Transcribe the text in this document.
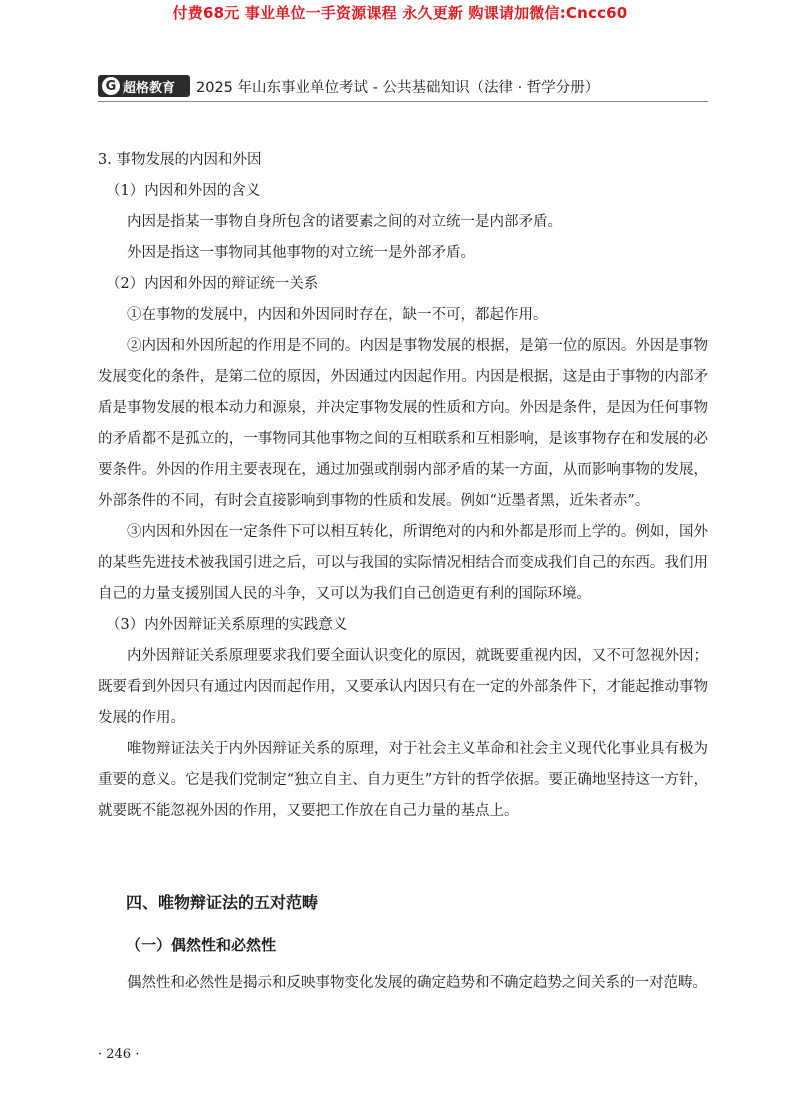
付费68元 事业单位一手资源课程 永久更新 购课请加微信:Cncc60
G 超格教育 2025 年山东事业单位考试 - 公共基础知识（法律 · 哲学分册）

3. 事物发展的内因和外因

（1）内因和外因的含义

内因是指某一事物自身所包含的诸要素之间的对立统一是内部矛盾。

外因是指这一事物同其他事物的对立统一是外部矛盾。

（2）内因和外因的辩证统一关系

①在事物的发展中，内因和外因同时存在，缺一不可，都起作用。

②内因和外因所起的作用是不同的。内因是事物发展的根据，是第一位的原因。外因是事物发展变化的条件，是第二位的原因，外因通过内因起作用。内因是根据，这是由于事物的内部矛盾是事物发展的根本动力和源泉，并决定事物发展的性质和方向。外因是条件，是因为任何事物的矛盾都不是孤立的，一事物同其他事物之间的互相联系和互相影响，是该事物存在和发展的必要条件。外因的作用主要表现在，通过加强或削弱内部矛盾的某一方面，从而影响事物的发展，外部条件的不同，有时会直接影响到事物的性质和发展。例如“近墨者黑，近朱者赤”。

③内因和外因在一定条件下可以相互转化，所谓绝对的内和外都是形而上学的。例如，国外的某些先进技术被我国引进之后，可以与我国的实际情况相结合而变成我们自己的东西。我们用自己的力量支援别国人民的斗争，又可以为我们自己创造更有利的国际环境。

（3）内外因辩证关系原理的实践意义

内外因辩证关系原理要求我们要全面认识变化的原因，就既要重视内因，又不可忽视外因；既要看到外因只有通过内因而起作用，又要承认内因只有在一定的外部条件下，才能起推动事物发展的作用。

唯物辩证法关于内外因辩证关系的原理，对于社会主义革命和社会主义现代化事业具有极为重要的意义。它是我们党制定“独立自主、自力更生”方针的哲学依据。要正确地坚持这一方针，就要既不能忽视外因的作用，又要把工作放在自己力量的基点上。

四、唯物辩证法的五对范畴
（一）偶然性和必然性

偶然性和必然性是揭示和反映事物变化发展的确定趋势和不确定趋势之间关系的一对范畴。

· 246 ·
